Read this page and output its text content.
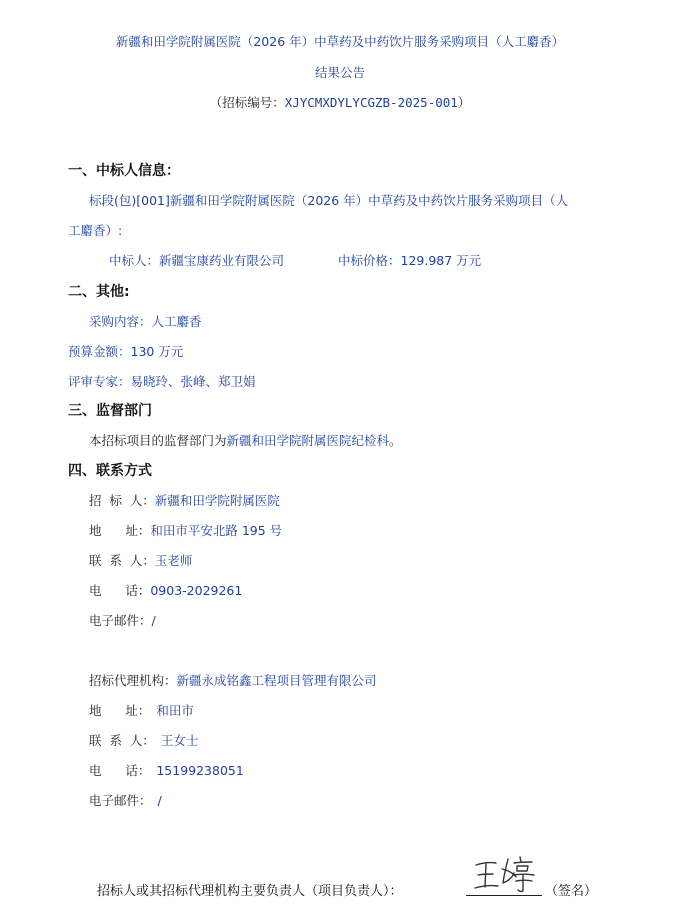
新疆和田学院附属医院（2026 年）中草药及中药饮片服务采购项目（人工麝香）
结果公告
（招标编号：XJYCMXDYLYCGZB-2025-001）
一、中标人信息：
标段(包)[001]新疆和田学院附属医院（2026 年）中草药及中药饮片服务采购项目（人
工麝香）:
中标人：新疆宝康药业有限公司	中标价格：129.987 万元
二、其他:
采购内容：人工麝香
预算金额：130 万元
评审专家：易晓玲、张峰、郑卫娟
三、监督部门
本招标项目的监督部门为新疆和田学院附属医院纪检科。
四、联系方式
招  标  人：新疆和田学院附属医院
地      址：和田市平安北路 195 号
联  系  人：玉老师
电      话：0903-2029261
电子邮件：/
招标代理机构：新疆永成铭鑫工程项目管理有限公司
地      址： 和田市
联  系  人： 王女士
电      话： 15199238051
电子邮件： /
招标人或其招标代理机构主要负责人（项目负责人）：	（签名）
